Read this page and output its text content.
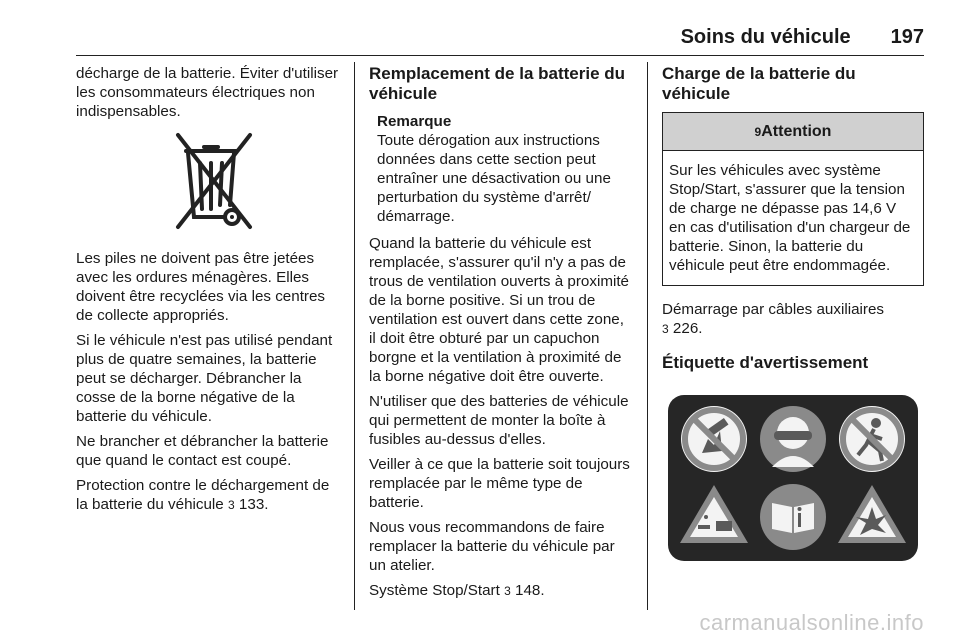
Soins du véhicule 197

décharge de la batterie. Éviter d'utiliser les consommateurs électriques non indispensables.

Les piles ne doivent pas être jetées avec les ordures ménagères. Elles doivent être recyclées via les centres de collecte appropriés.

Si le véhicule n'est pas utilisé pendant plus de quatre semaines, la batterie peut se décharger. Débrancher la cosse de la borne négative de la batterie du véhicule.

Ne brancher et débrancher la batterie que quand le contact est coupé.

Protection contre le déchargement de la batterie du véhicule 3 133.

Remplacement de la batterie du véhicule
Remarque
Toute dérogation aux instructions données dans cette section peut entraîner une désactivation ou une perturbation du système d'arrêt/ démarrage.

Quand la batterie du véhicule est remplacée, s'assurer qu'il n'y a pas de trous de ventilation ouverts à proximité de la borne positive. Si un trou de ventilation est ouvert dans cette zone, il doit être obturé par un capuchon borgne et la ventilation à proximité de la borne négative doit être ouverte.

N'utiliser que des batteries de véhicule qui permettent de monter la boîte à fusibles au-dessus d'elles.

Veiller à ce que la batterie soit toujours remplacée par le même type de batterie.

Nous vous recommandons de faire remplacer la batterie du véhicule par un atelier.

Système Stop/Start 3 148.

Charge de la batterie du véhicule
9Attention
Sur les véhicules avec système Stop/Start, s'assurer que la tension de charge ne dépasse pas 14,6 V en cas d'utilisation d'un chargeur de batterie. Sinon, la batterie du véhicule peut être endommagée.

Démarrage par câbles auxiliaires
3 226.

Étiquette d'avertissement
carmanualsonline.info
